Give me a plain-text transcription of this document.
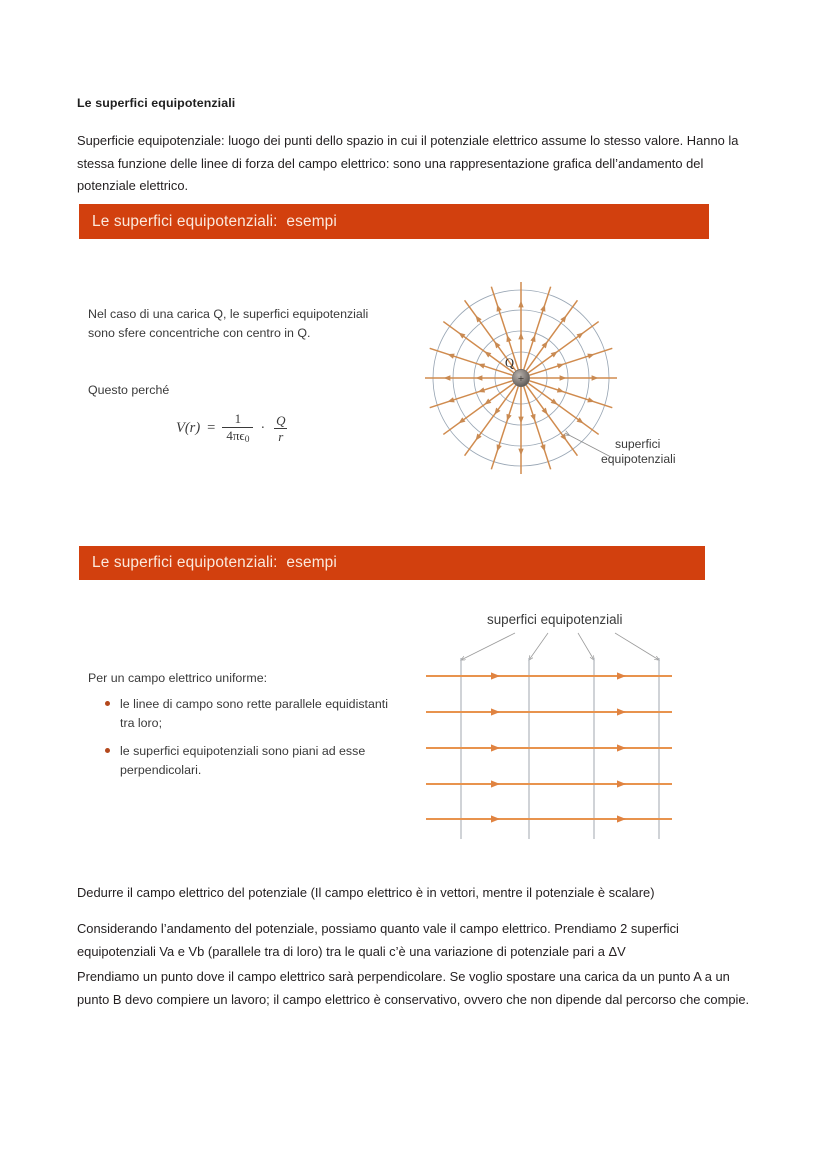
Le superfici equipotenziali
Superficie equipotenziale: luogo dei punti dello spazio in cui il potenziale elettrico assume lo stesso valore. Hanno la stessa funzione delle linee di forza del campo elettrico: sono una rappresentazione grafica dell’andamento del potenziale elettrico.
Le superfici equipotenziali:  esempi
Nel caso di una carica Q, le superfici equipotenziali sono sfere concentriche con centro in Q.
Questo perché
$V(r) = \frac{1}{4\pi\epsilon_0} \cdot \frac{Q}{r}$
+
Q
superfici
equipotenziali
Le superfici equipotenziali:  esempi
Per un campo elettrico uniforme:
le linee di campo sono rette parallele equidistanti tra loro;
le superfici equipotenziali sono piani ad esse perpendicolari.
superfici equipotenziali
Dedurre il campo elettrico del potenziale (Il campo elettrico è in vettori, mentre il potenziale è scalare)
Considerando l’andamento del potenziale, possiamo quanto vale il campo elettrico. Prendiamo 2 superfici equipotenziali Va e Vb (parallele tra di loro) tra le quali c’è una variazione di potenziale pari a ΔV
Prendiamo un punto dove il campo elettrico sarà perpendicolare. Se voglio spostare una carica da un punto A a un punto B devo compiere un lavoro; il campo elettrico è conservativo, ovvero che non dipende dal percorso che compie.
